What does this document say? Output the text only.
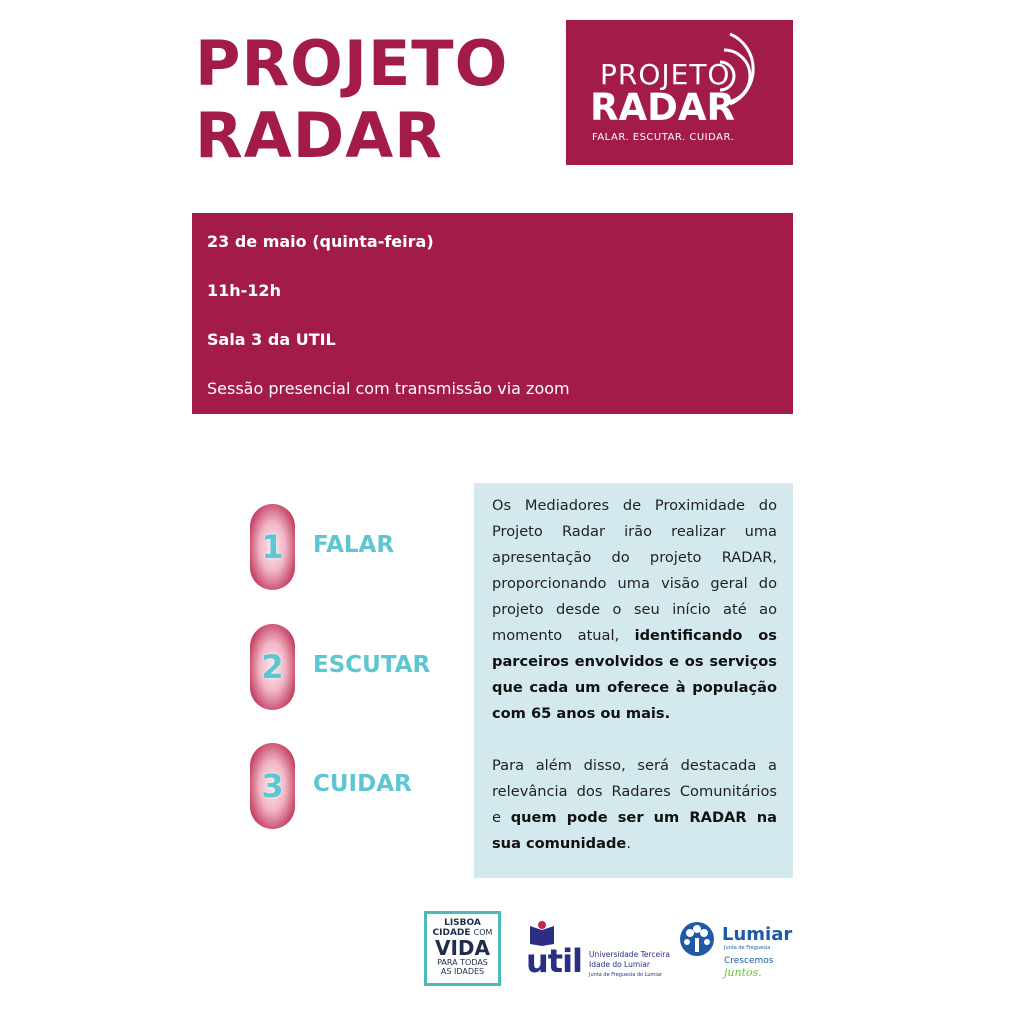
PROJETO
RADAR
PROJETO
RADAR
FALAR. ESCUTAR. CUIDAR.
23 de maio (quinta-feira)
11h-12h
Sala 3 da UTIL
Sessão presencial com transmissão via zoom
1 FALAR
2 ESCUTAR
3 CUIDAR

Os Mediadores de Proximidade do Projeto Radar irão realizar uma apresentação do projeto RADAR, proporcionando uma visão geral do projeto desde o seu início até ao momento atual, identificando os parceiros envolvidos e os serviços que cada um oferece à população com 65 anos ou mais.

Para além disso, será destacada a relevância dos Radares Comunitários e quem pode ser um RADAR na sua comunidade.

LISBOA
CIDADE COM
VIDA
PARA TODAS
AS IDADES	util Universidade Terceira
Idade do Lumiar
Junta de Freguesia do Lumiar
Lumiar
Junta de Freguesia
Crescemos juntos.
